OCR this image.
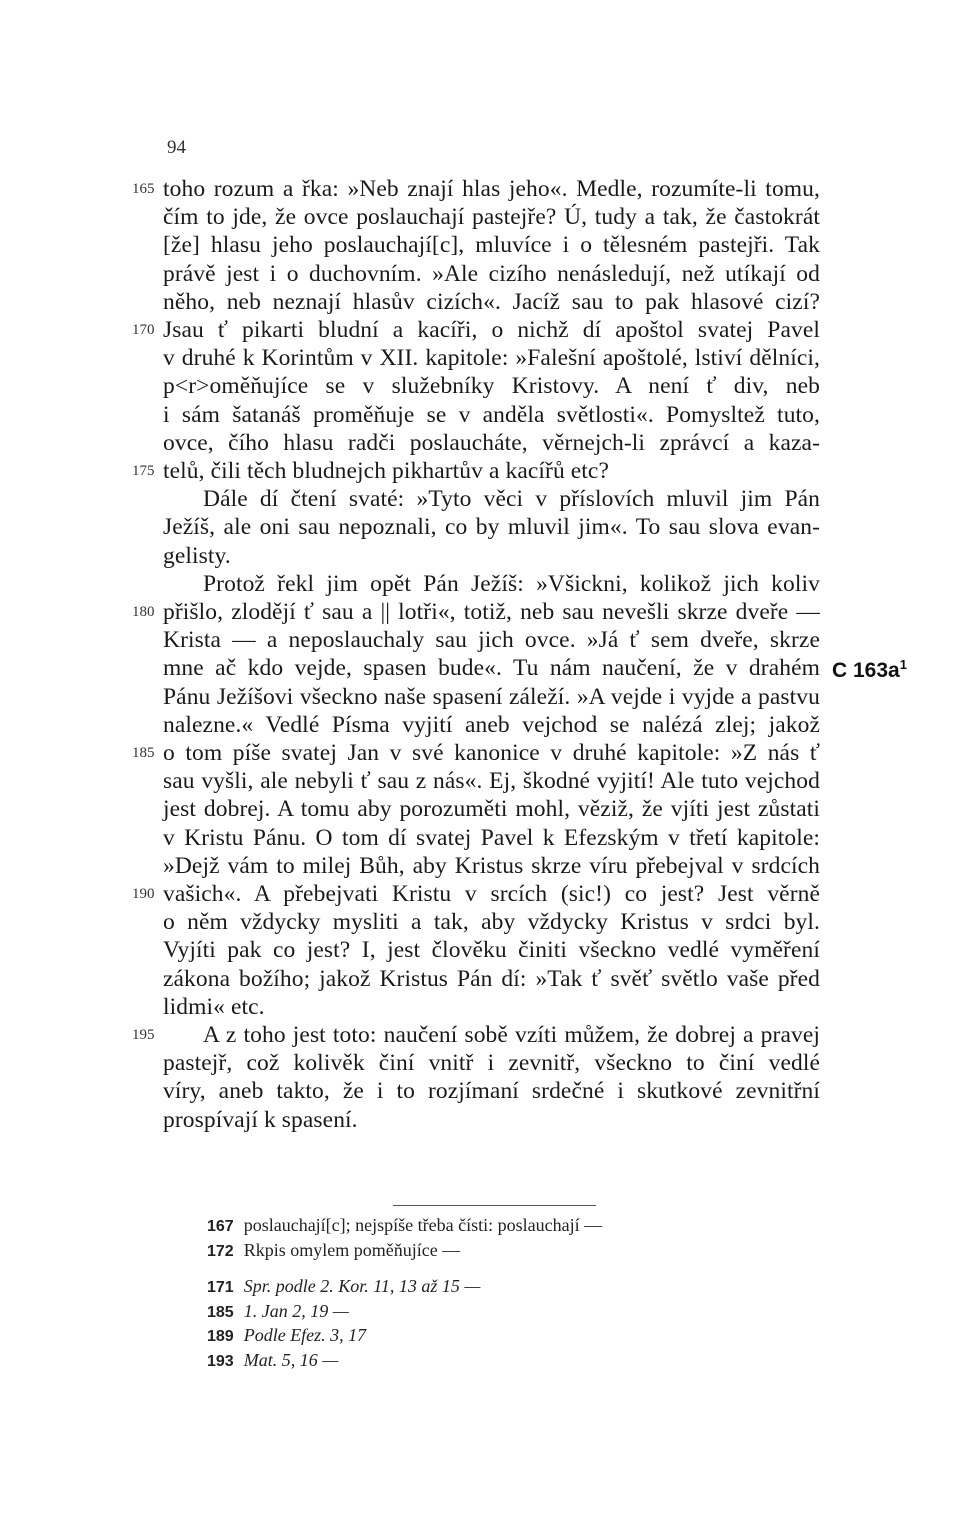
94
C $163a^1$
165 toho rozum a řka: »Neb znají hlas jeho«. Medle, rozumíte-li tomu,
čím to jde, že ovce poslauchají pastejře? Ú, tudy a tak, že častokrát
[že] hlasu jeho poslauchají[c], mluvíce i o tělesném pastejři. Tak
právě jest i o duchovním. »Ale cizího nenásledují, než utíkají od
něho, neb neznají hlasův cizích«. Jacíž sau to pak hlasové cizí?
170 Jsau ť pikarti bludní a kacíři, o nichž dí apoštol svatej Pavel
v druhé k Korintům v XII. kapitole: »Falešní apoštolé, lstiví dělníci,
p<r>oměňujíce se v služebníky Kristovy. A není ť div, neb
i sám šatanáš proměňuje se v anděla světlosti«. Pomysltež tuto,
ovce, čího hlasu radči poslaucháte, věrnejch-li zprávcí a kaza-
175 telů, čili těch bludnejch pikhartův a kacířů etc?
Dále dí čtení svaté: »Tyto věci v příslovích mluvil jim Pán
Ježíš, ale oni sau nepoznali, co by mluvil jim«. To sau slova evan-
gelisty.
Protož řekl jim opět Pán Ježíš: »Všickni, kolikož jich koliv
180 přišlo, zlodějí ť sau a || lotři«, totiž, neb sau nevešli skrze dveře —
Krista — a neposlauchaly sau jich ovce. »Já ť sem dveře, skrze
mne ač kdo vejde, spasen bude«. Tu nám naučení, že v drahém
Pánu Ježíšovi všeckno naše spasení záleží. »A vejde i vyjde a pastvu
nalezne.« Vedlé Písma vyjití aneb vejchod se nalézá zlej; jakož
185 o tom píše svatej Jan v své kanonice v druhé kapitole: »Z nás ť
sau vyšli, ale nebyli ť sau z nás«. Ej, škodné vyjití! Ale tuto vejchod
jest dobrej. A tomu aby porozuměti mohl, věziž, že vjíti jest zůstati
v Kristu Pánu. O tom dí svatej Pavel k Efezským v třetí kapitole:
»Dejž vám to milej Bůh, aby Kristus skrze víru přebejval v srdcích
190 vašich«. A přebejvati Kristu v srcích (sic!) co jest? Jest věrně
o něm vždycky mysliti a tak, aby vždycky Kristus v srdci byl.
Vyjíti pak co jest? I, jest člověku činiti všeckno vedlé vyměření
zákona božího; jakož Kristus Pán dí: »Tak ť svěť světlo vaše před
lidmi« etc.
195	A z toho jest toto: naučení sobě vzíti můžem, že dobrej a pravej
pastejř, což kolivěk činí vnitř i zevnitř, všeckno to činí vedlé
víry, aneb takto, že i to rozjímaní srdečné i skutkové zevnitřní
prospívají k spasení.
167 poslauchají[c]; nejspíše třeba čísti: poslauchají —
172 Rkpis omylem poměňujíce —
171 Spr. podle 2. Kor. 11, 13 až 15 —
185 1. Jan 2, 19 —
189 Podle Efez. 3, 17
193 Mat. 5, 16 —
